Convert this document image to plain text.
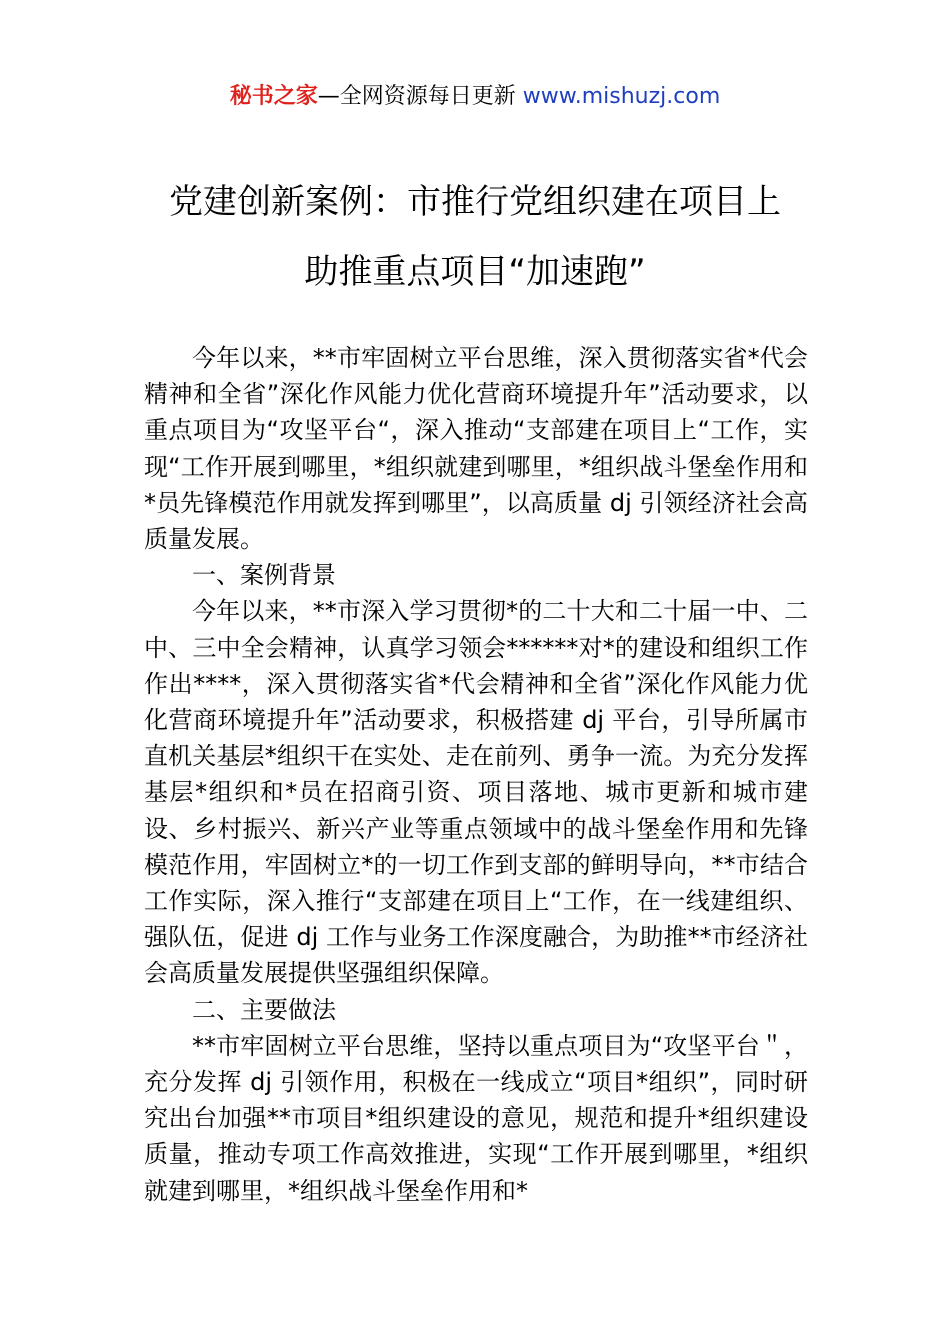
秘书之家—全网资源每日更新 www.mishuzj.com
党建创新案例：市推行党组织建在项目上
助推重点项目“加速跑”

今年以来，**市牢固树立平台思维，深入贯彻落实省*代会精神和全省”深化作风能力优化营商环境提升年”活动要求，以重点项目为“攻坚平台“，深入推动“支部建在项目上“工作，实现“工作开展到哪里，*组织就建到哪里，*组织战斗堡垒作用和*员先锋模范作用就发挥到哪里”，以高质量 dj 引领经济社会高质量发展。

一、案例背景

今年以来，**市深入学习贯彻*的二十大和二十届一中、二中、三中全会精神，认真学习领会******对*的建设和组织工作作出****，深入贯彻落实省*代会精神和全省”深化作风能力优化营商环境提升年”活动要求，积极搭建 dj 平台，引导所属市直机关基层*组织干在实处、走在前列、勇争一流。为充分发挥基层*组织和*员在招商引资、项目落地、城市更新和城市建设、乡村振兴、新兴产业等重点领域中的战斗堡垒作用和先锋模范作用，牢固树立*的一切工作到支部的鲜明导向，**市结合工作实际，深入推行“支部建在项目上“工作，在一线建组织、强队伍，促进 dj 工作与业务工作深度融合，为助推**市经济社会高质量发展提供坚强组织保障。

二、主要做法

**市牢固树立平台思维，坚持以重点项目为“攻坚平台＂，充分发挥 dj 引领作用，积极在一线成立“项目*组织”，同时研究出台加强**市项目*组织建设的意见，规范和提升*组织建设质量，推动专项工作高效推进，实现“工作开展到哪里，*组织就建到哪里，*组织战斗堡垒作用和*
